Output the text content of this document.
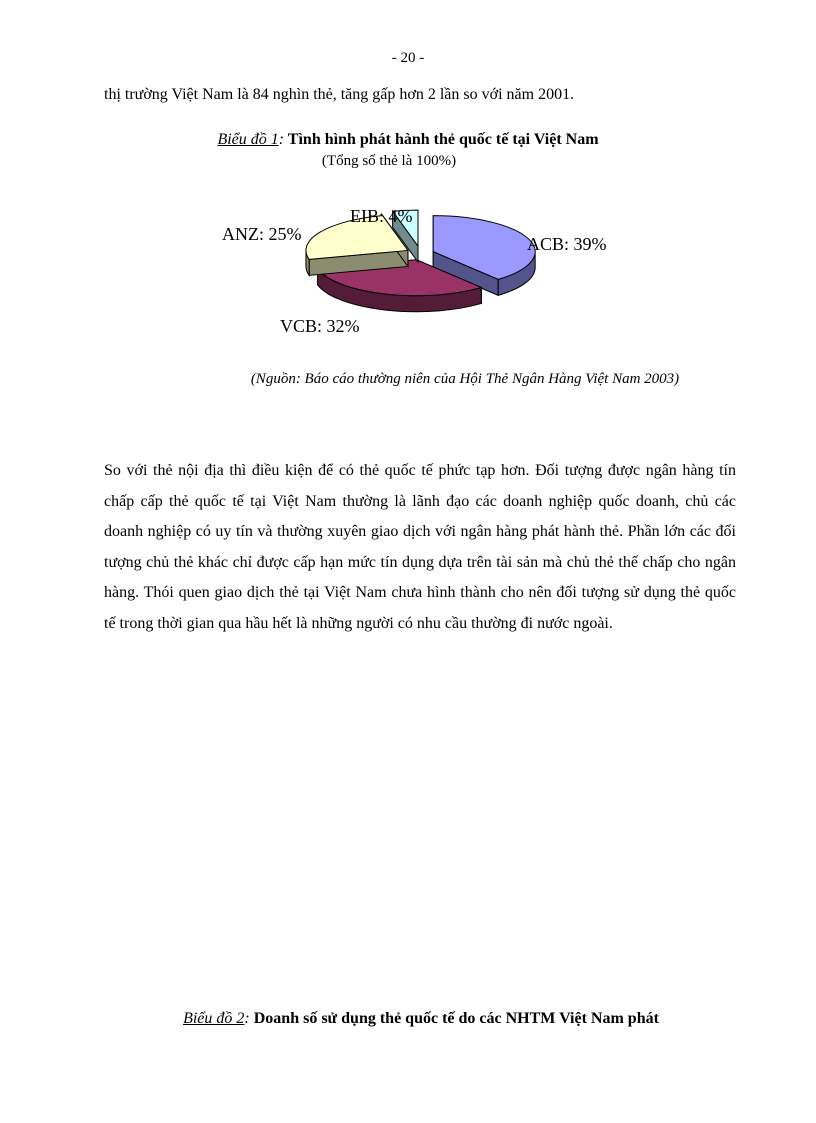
- 20 -
thị trường Việt Nam là 84 nghìn thẻ, tăng gấp hơn 2 lần so với năm 2001.
Biểu đồ 1: Tình hình phát hành thẻ quốc tế tại Việt Nam
(Tổng số thẻ là 100%)
ACB: 39%
VCB: 32%
ANZ: 25%
EIB: 4%
(Nguồn: Báo cáo thường niên của Hội Thẻ Ngân Hàng Việt Nam 2003)
So với thẻ nội địa thì điều kiện để có thẻ quốc tế phức tạp hơn. Đối tượng được ngân hàng tín chấp cấp thẻ quốc tế tại Việt Nam thường là lãnh đạo các doanh nghiệp quốc doanh, chủ các doanh nghiệp có uy tín và thường xuyên giao dịch với ngân hàng phát hành thẻ. Phần lớn các đối tượng chủ thẻ khác chỉ được cấp hạn mức tín dụng dựa trên tài sản mà chủ thẻ thế chấp cho ngân hàng. Thói quen giao dịch thẻ tại Việt Nam chưa hình thành cho nên đối tượng sử dụng thẻ quốc tế trong thời gian qua hầu hết là những người có nhu cầu thường đi nước ngoài.
Biểu đồ 2: Doanh số sử dụng thẻ quốc tế do các NHTM Việt Nam phát
